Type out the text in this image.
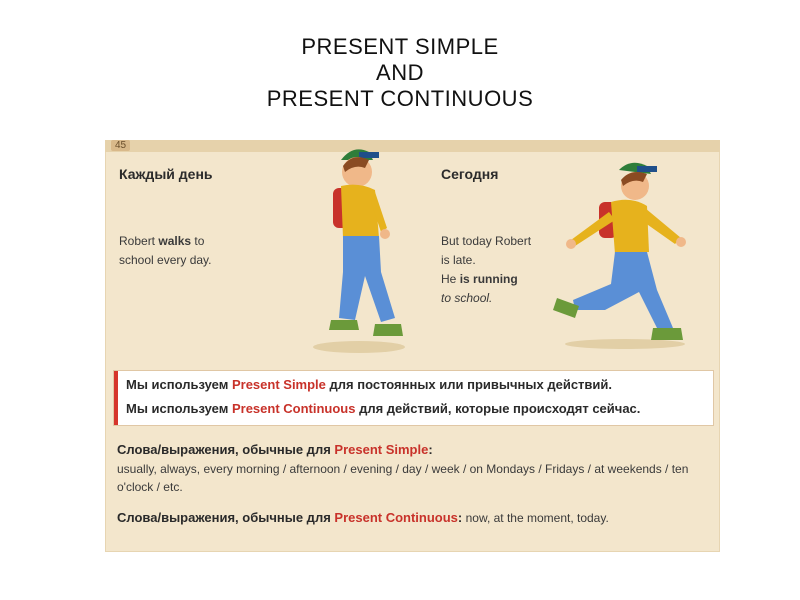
PRESENT SIMPLE
AND
PRESENT CONTINUOUS
45
Каждый день
Robert walks to
school every day.
Сегодня
But today Robert
is late.
He is running
to school.
Мы используем Present Simple для постоянных или привычных действий.
Мы используем Present Continuous для действий, которые происходят сейчас.
Слова/выражения, обычные для Present Simple:
usually, always, every morning / afternoon / evening / day / week / on Mondays / Fridays / at weekends / ten o'clock / etc.
Слова/выражения, обычные для Present Continuous: now, at the moment, today.
